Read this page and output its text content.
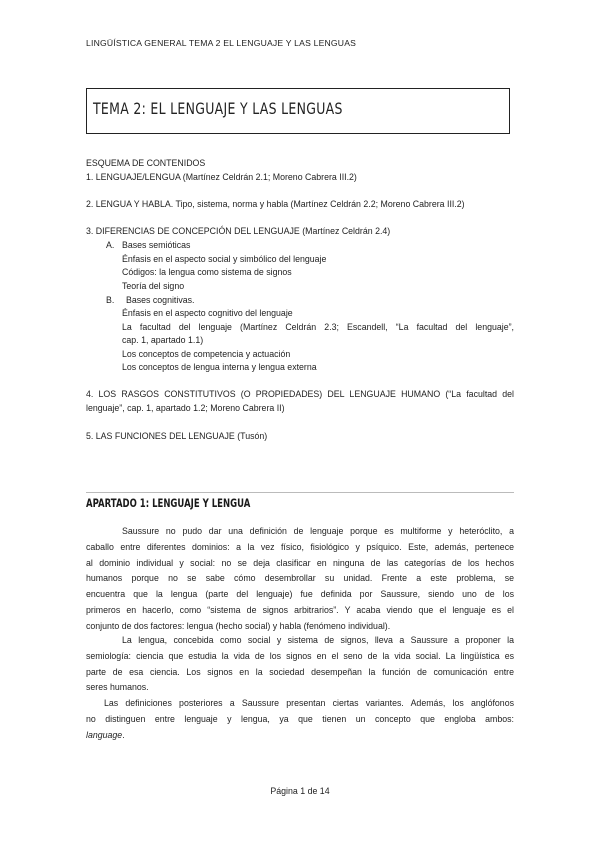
LINGÜÍSTICA GENERAL TEMA 2 EL LENGUAJE Y LAS LENGUAS
TEMA 2: EL LENGUAJE Y LAS LENGUAS
ESQUEMA DE CONTENIDOS
1. LENGUAJE/LENGUA (Martínez Celdrán 2.1; Moreno Cabrera III.2)
2. LENGUA Y HABLA. Tipo, sistema, norma y habla (Martínez Celdrán 2.2; Moreno Cabrera III.2)
3. DIFERENCIAS DE CONCEPCIÓN DEL LENGUAJE (Martínez Celdrán 2.4)
A. Bases semióticas
Énfasis en el aspecto social y simbólico del lenguaje
Códigos: la lengua como sistema de signos
Teoría del signo
B. Bases cognitivas.
Énfasis en el aspecto cognitivo del lenguaje
La facultad del lenguaje (Martínez Celdrán 2.3; Escandell, “La facultad del lenguaje”,
cap. 1, apartado 1.1)
Los conceptos de competencia y actuación
Los conceptos de lengua interna y lengua externa
4. LOS RASGOS CONSTITUTIVOS (O PROPIEDADES) DEL LENGUAJE HUMANO (“La facultad del
lenguaje”, cap. 1, apartado 1.2; Moreno Cabrera II)
5. LAS FUNCIONES DEL LENGUAJE (Tusón)
APARTADO 1: LENGUAJE Y LENGUA
Saussure no pudo dar una definición de lenguaje porque es multiforme y heteróclito, a
caballo entre diferentes dominios: a la vez físico, fisiológico y psíquico. Este, además, pertenece
al dominio individual y social: no se deja clasificar en ninguna de las categorías de los hechos
humanos porque no se sabe cómo desembrollar su unidad. Frente a este problema, se
encuentra que la lengua (parte del lenguaje) fue definida por Saussure, siendo uno de los
primeros en hacerlo, como “sistema de signos arbitrarios”. Y acaba viendo que el lenguaje es el
conjunto de dos factores: lengua (hecho social) y habla (fenómeno individual).
La lengua, concebida como social y sistema de signos, lleva a Saussure a proponer la
semiología: ciencia que estudia la vida de los signos en el seno de la vida social. La lingüística es
parte de esa ciencia. Los signos en la sociedad desempeñan la función de comunicación entre
seres humanos.
Las definiciones posteriores a Saussure presentan ciertas variantes. Además, los anglófonos
no distinguen entre lenguaje y lengua, ya que tienen un concepto que engloba ambos:
language.
Página 1 de 14
